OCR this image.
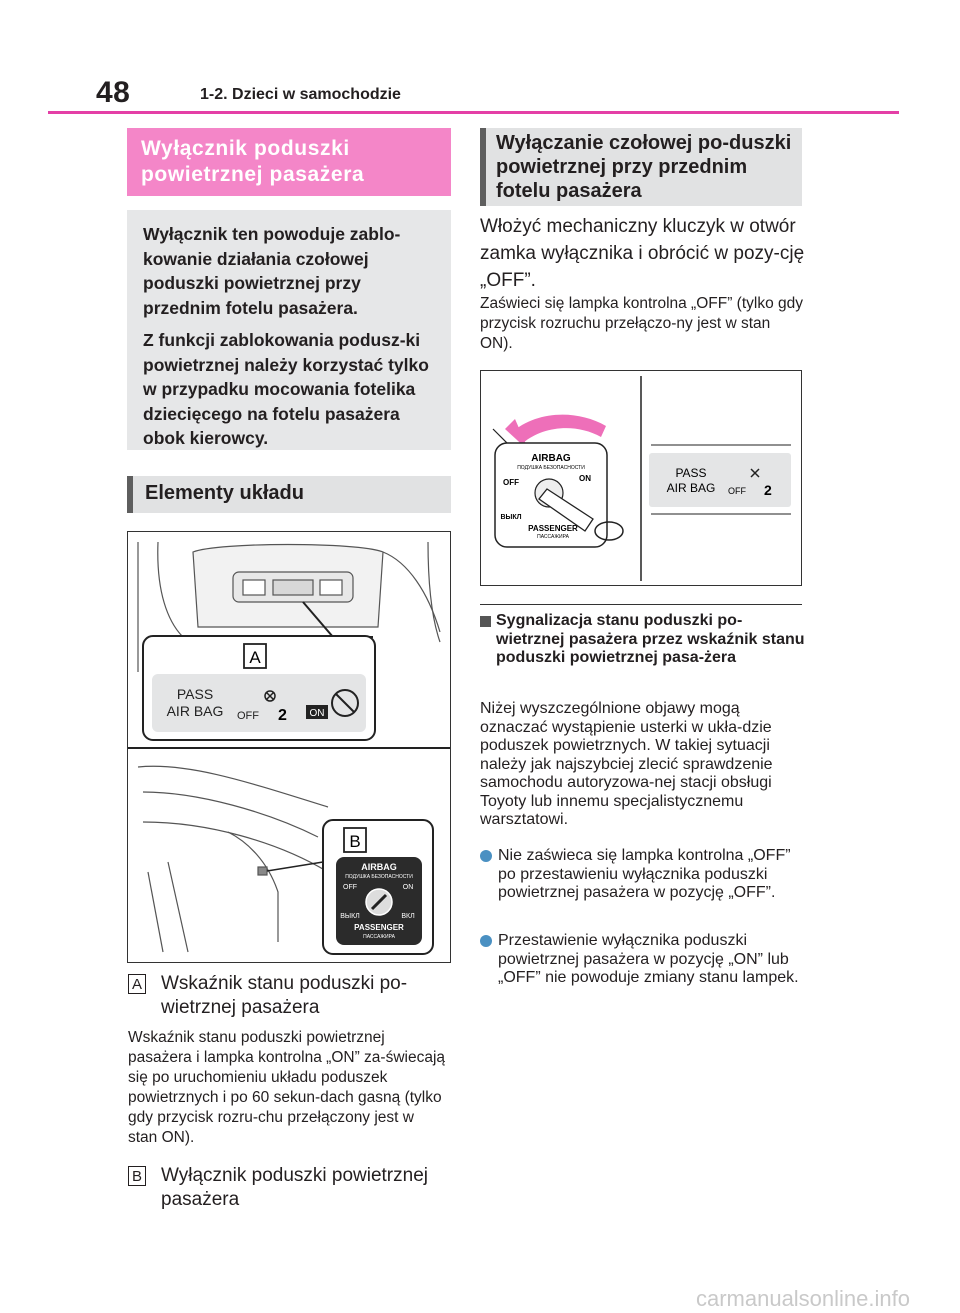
48	1-2. Dzieci w samochodzie
Wyłącznik poduszki powietrznej pasażera

Wyłącznik ten powoduje zablo-kowanie działania czołowej poduszki powietrznej przy przednim fotelu pasażera.

Z funkcji zablokowania podusz-ki powietrznej należy korzystać tylko w przypadku mocowania fotelika dziecięcego na fotelu pasażera obok kierowcy.

Elementy układu
A
PASS
AIR BAG OFF 2 ON
B
AIRBAG
ПОДУШКА БЕЗОПАСНОСТИ
OFF	ON
ВЫКЛ	ВКЛ
PASSENGER
ПАССАЖИРА
A Wskaźnik stanu poduszki po-wietrznej pasażera
Wskaźnik stanu poduszki powietrznej pasażera i lampka kontrolna „ON” za-świecają się po uruchomieniu układu poduszek powietrznych i po 60 sekun-dach gasną (tylko gdy przycisk rozru-chu przełączony jest w stan ON).
B Wyłącznik poduszki powietrznej pasażera
Wyłączanie czołowej po-duszki powietrznej przy przednim fotelu pasażera
Włożyć mechaniczny kluczyk w otwór zamka wyłącznika i obrócić w pozy-cję „OFF”.
Zaświeci się lampka kontrolna „OFF” (tylko gdy przycisk rozruchu przełączo-ny jest w stan ON).
AIRBAG
ПОДУШКА БЕЗОПАСНОСТИ
OFF	ON
ВЫКЛ
PASSENGER
ПАССАЖИРА
PASS
AIR BAG OFF 2
Sygnalizacja stanu poduszki po-wietrznej pasażera przez wskaźnik stanu poduszki powietrznej pasa-żera
Niżej wyszczególnione objawy mogą oznaczać wystąpienie usterki w ukła-dzie poduszek powietrznych. W takiej sytuacji należy jak najszybciej zlecić sprawdzenie samochodu autoryzowa-nej stacji obsługi Toyoty lub innemu specjalistycznemu warsztatowi.
Nie zaświeca się lampka kontrolna „OFF” po przestawieniu wyłącznika poduszki powietrznej pasażera w pozycję „OFF”.
Przestawienie wyłącznika poduszki powietrznej pasażera w pozycję „ON” lub „OFF” nie powoduje zmiany stanu lampek.
carmanualsonline.info
